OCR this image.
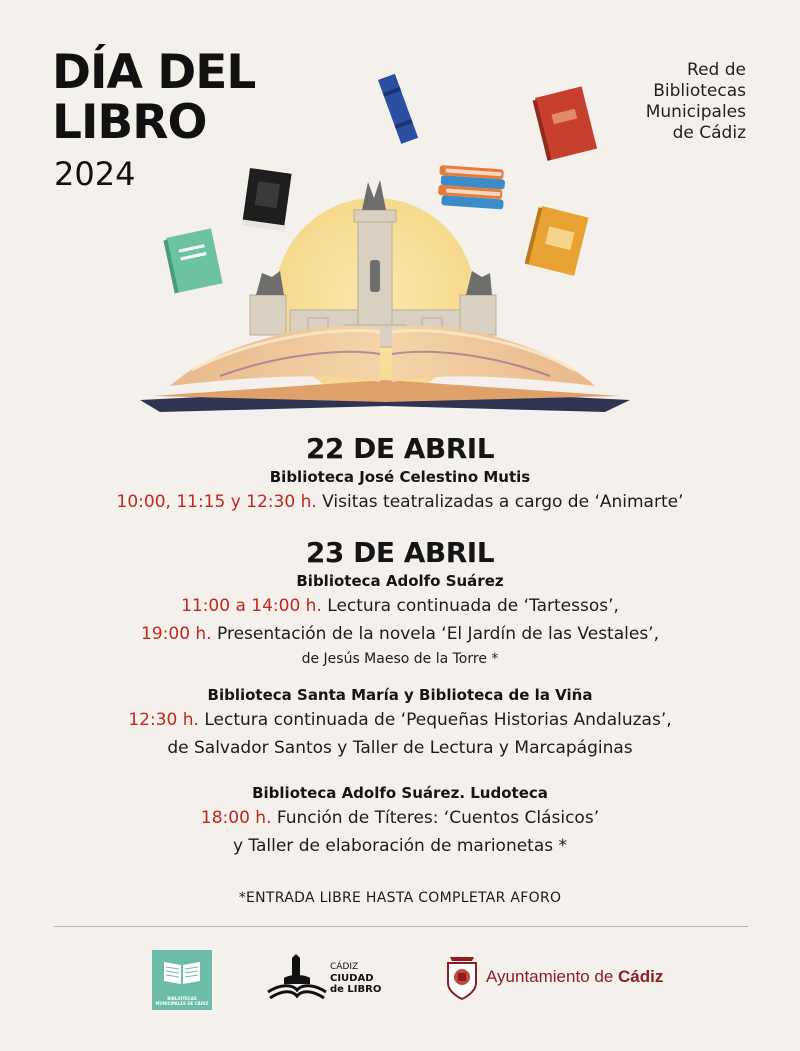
DÍA DEL
LIBRO
2024
Red de
Bibliotecas
Municipales
de Cádiz
22 DE ABRIL
Biblioteca José Celestino Mutis
10:00, 11:15 y 12:30 h. Visitas teatralizadas a cargo de ‘Animarte’
23 DE ABRIL
Biblioteca Adolfo Suárez
11:00 a 14:00 h. Lectura continuada de ‘Tartessos’,
19:00 h. Presentación de la novela ‘El Jardín de las Vestales’,
de Jesús Maeso de la Torre *
Biblioteca Santa María y Biblioteca de la Viña
12:30 h. Lectura continuada de ‘Pequeñas Historias Andaluzas’,
de Salvador Santos y Taller de Lectura y Marcapáginas
Biblioteca Adolfo Suárez. Ludoteca
18:00 h. Función de Títeres: ‘Cuentos Clásicos’
y Taller de elaboración de marionetas *
*ENTRADA LIBRE HASTA COMPLETAR AFORO
BIBLIOTECAS MUNICIPALES DE CÁDIZ
CÁDIZ
CIUDAD
de LIBRO
Ayuntamiento de Cádiz
